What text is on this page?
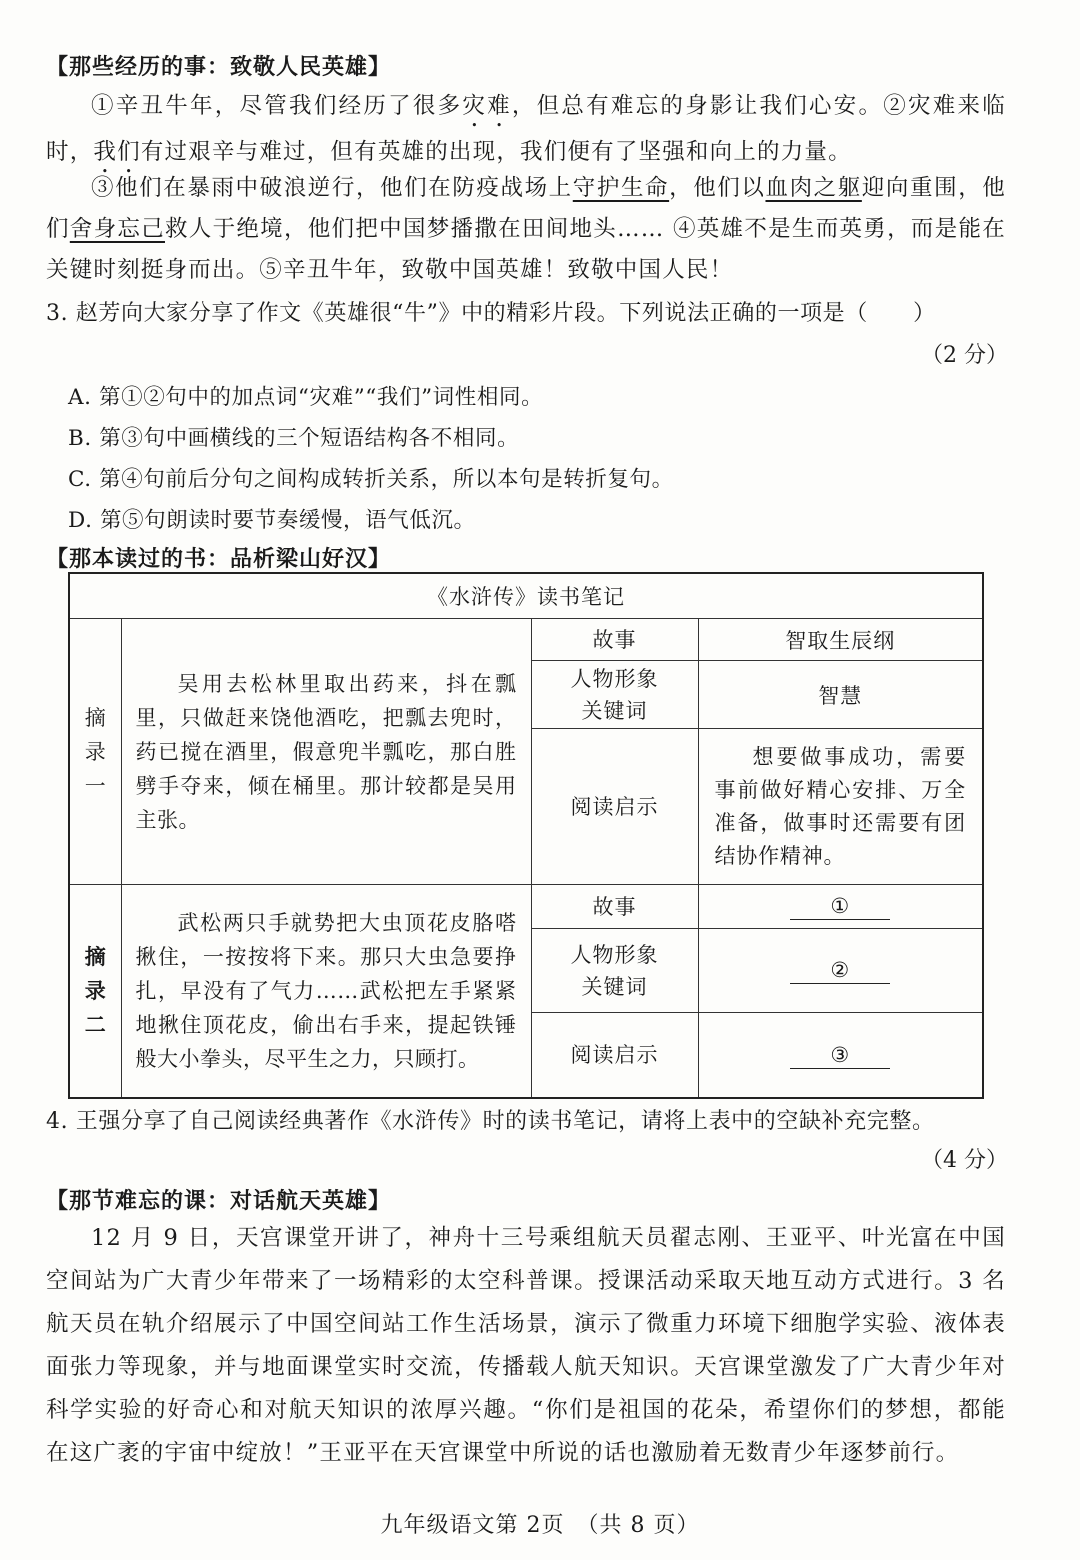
【那些经历的事：致敬人民英雄】
①辛丑牛年，尽管我们经历了很多灾难，但总有难忘的身影让我们心安。②灾难来临时，我们有过艰辛与难过，但有英雄的出现，我们便有了坚强和向上的力量。
③他们在暴雨中破浪逆行，他们在防疫战场上守护生命，他们以血肉之躯迎向重围，他们舍身忘己救人于绝境，他们把中国梦播撒在田间地头…… ④英雄不是生而英勇，而是能在关键时刻挺身而出。⑤辛丑牛年，致敬中国英雄！致敬中国人民！
3. 赵芳向大家分享了作文《英雄很“牛”》中的精彩片段。下列说法正确的一项是（　　）
（2 分）
A. 第①②句中的加点词“灾难”“我们”词性相同。
B. 第③句中画横线的三个短语结构各不相同。
C. 第④句前后分句之间构成转折关系，所以本句是转折复句。
D. 第⑤句朗读时要节奏缓慢，语气低沉。
【那本读过的书：品析梁山好汉】
《水浒传》读书笔记			

摘
录
一	吴用去松林里取出药来，抖在瓢里，只做赶来饶他酒吃，把瓢去兜时，药已搅在酒里，假意兜半瓢吃，那白胜劈手夺来，倾在桶里。那计较都是吴用主张。	故事	智取生辰纲

		人物形象
关键词	智慧
		阅读启示	想要做事成功，需要事前做好精心安排、万全准备，做事时还需要有团结协作精神。

摘
录
二	武松两只手就势把大虫顶花皮胳嗒揪住，一按按将下来。那只大虫急要挣扎，早没有了气力……武松把左手紧紧地揪住顶花皮，偷出右手来，提起铁锤般大小拳头，尽平生之力，只顾打。	故事	①

		人物形象
关键词	②
		阅读启示	③
4. 王强分享了自己阅读经典著作《水浒传》时的读书笔记，请将上表中的空缺补充完整。
（4 分）
【那节难忘的课：对话航天英雄】
12 月 9 日，天宫课堂开讲了，神舟十三号乘组航天员翟志刚、王亚平、叶光富在中国空间站为广大青少年带来了一场精彩的太空科普课。授课活动采取天地互动方式进行。3 名航天员在轨介绍展示了中国空间站工作生活场景，演示了微重力环境下细胞学实验、液体表面张力等现象，并与地面课堂实时交流，传播载人航天知识。天宫课堂激发了广大青少年对科学实验的好奇心和对航天知识的浓厚兴趣。“你们是祖国的花朵，希望你们的梦想，都能在这广袤的宇宙中绽放！”王亚平在天宫课堂中所说的话也激励着无数青少年逐梦前行。
九年级语文第 2页　（共 8 页）
